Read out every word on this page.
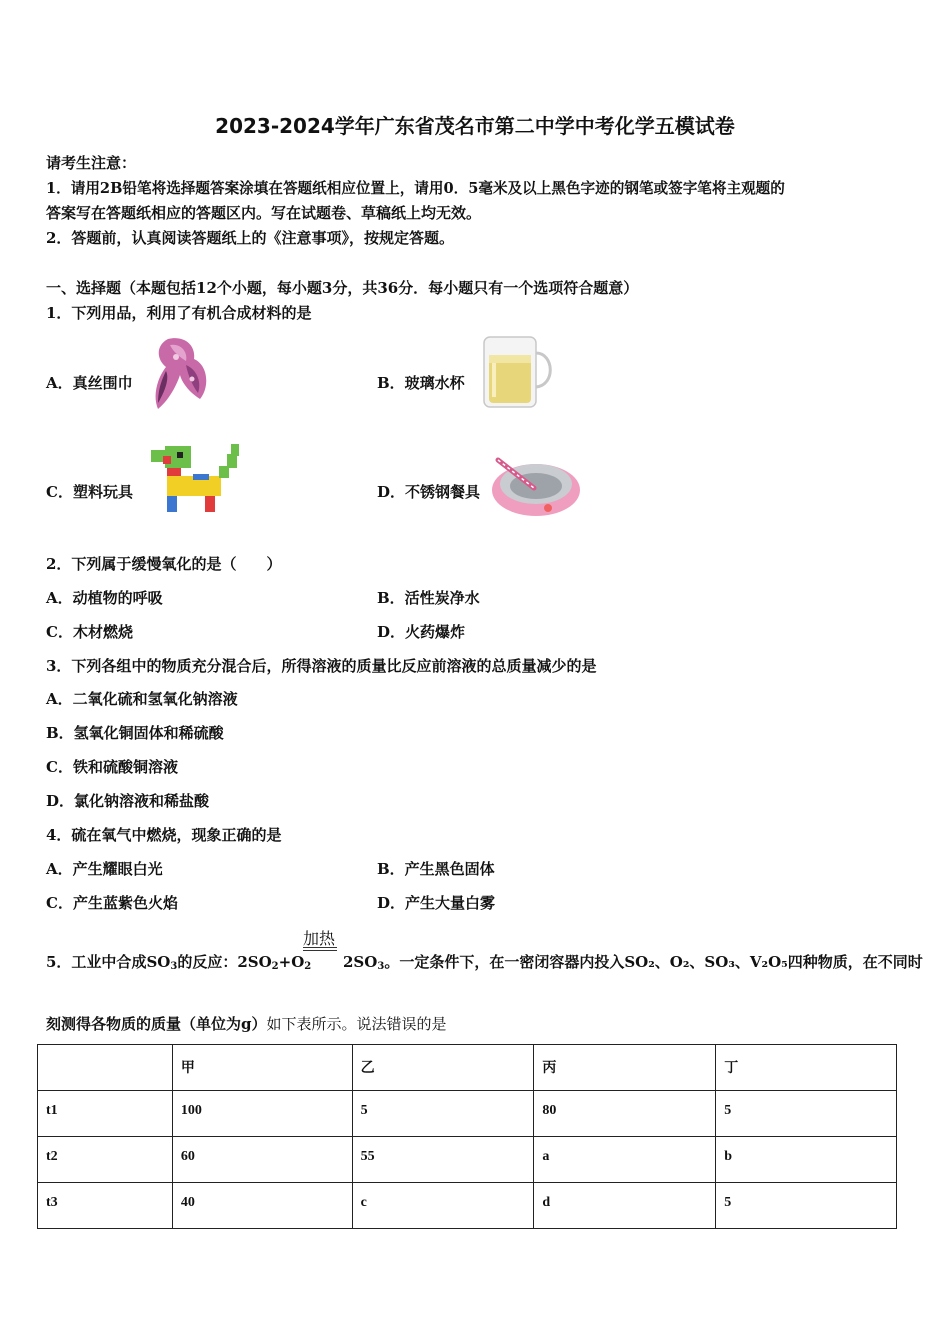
2023-2024学年广东省茂名市第二中学中考化学五模试卷
请考生注意：
1．请用2B铅笔将选择题答案涂填在答题纸相应位置上，请用0．5毫米及以上黑色字迹的钢笔或签字笔将主观题的
答案写在答题纸相应的答题区内。写在试题卷、草稿纸上均无效。
2．答题前，认真阅读答题纸上的《注意事项》，按规定答题。
一、选择题（本题包括12个小题，每小题3分，共36分．每小题只有一个选项符合题意）
1．下列用品，利用了有机合成材料的是
A．真丝围巾	B．玻璃水杯
C．塑料玩具	D．不锈钢餐具
2．下列属于缓慢氧化的是（　　）
A．动植物的呼吸	B．活性炭净水
C．木材燃烧	D．火药爆炸
3．下列各组中的物质充分混合后，所得溶液的质量比反应前溶液的总质量减少的是
A．二氧化硫和氢氧化钠溶液
B．氢氧化铜固体和稀硫酸
C．铁和硫酸铜溶液
D．氯化钠溶液和稀盐酸
4．硫在氧气中燃烧，现象正确的是
A．产生耀眼白光	B．产生黑色固体
C．产生蓝紫色火焰	D．产生大量白雾
加热
5．工业中合成$SO_3$的反应：$2SO_2+O_2$ $2SO_3$。一定条件下，在一密闭容器内投入SO₂、O₂、SO₃、V₂O₅四种物质，在不同时
刻测得各物质的质量（单位为g）如下表所示。说法错误的是

	甲	乙	丙	丁

t1	100	5	80	5

t2	60	55	a	b

t3	40	c	d	5
